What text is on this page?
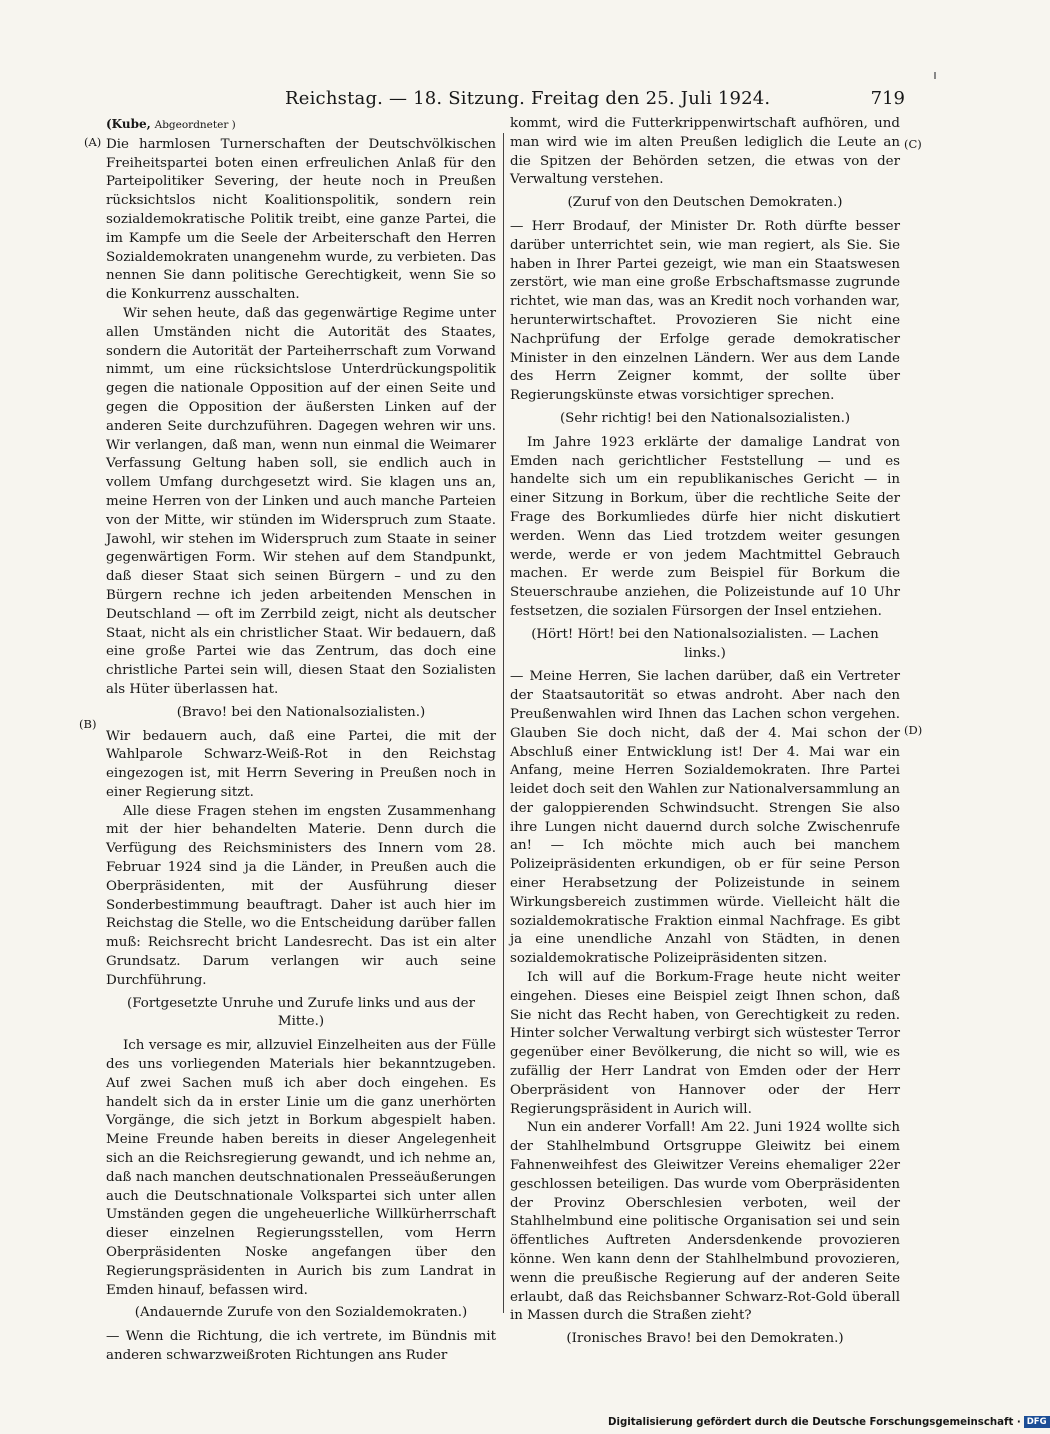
Reichstag. — 18. Sitzung. Freitag den 25. Juli 1924.	719
(A)
(B)
(C)
(D)

(Kube, Abgeordneter )

Die harmlosen Turnerschaften der Deutschvölkischen Freiheitspartei boten einen erfreulichen Anlaß für den Parteipolitiker Severing, der heute noch in Preußen rücksichtslos nicht Koalitionspolitik, sondern rein sozialdemokratische Politik treibt, eine ganze Partei, die im Kampfe um die Seele der Arbeiterschaft den Herren Sozialdemokraten unangenehm wurde, zu verbieten. Das nennen Sie dann politische Gerechtigkeit, wenn Sie so die Konkurrenz ausschalten.

Wir sehen heute, daß das gegenwärtige Regime unter allen Umständen nicht die Autorität des Staates, sondern die Autorität der Parteiherrschaft zum Vorwand nimmt, um eine rücksichtslose Unterdrückungspolitik gegen die nationale Opposition auf der einen Seite und gegen die Opposition der äußersten Linken auf der anderen Seite durchzuführen. Dagegen wehren wir uns. Wir verlangen, daß man, wenn nun einmal die Weimarer Verfassung Geltung haben soll, sie endlich auch in vollem Umfang durchgesetzt wird. Sie klagen uns an, meine Herren von der Linken und auch manche Parteien von der Mitte, wir stünden im Widerspruch zum Staate. Jawohl, wir stehen im Widerspruch zum Staate in seiner gegenwärtigen Form. Wir stehen auf dem Standpunkt, daß dieser Staat sich seinen Bürgern – und zu den Bürgern rechne ich jeden arbeitenden Menschen in Deutschland — oft im Zerrbild zeigt, nicht als deutscher Staat, nicht als ein christlicher Staat. Wir bedauern, daß eine große Partei wie das Zentrum, das doch eine christliche Partei sein will, diesen Staat den Sozialisten als Hüter überlassen hat.

(Bravo! bei den Nationalsozialisten.)

Wir bedauern auch, daß eine Partei, die mit der Wahlparole Schwarz-Weiß-Rot in den Reichstag eingezogen ist, mit Herrn Severing in Preußen noch in einer Regierung sitzt.

Alle diese Fragen stehen im engsten Zusammenhang mit der hier behandelten Materie. Denn durch die Verfügung des Reichsministers des Innern vom 28. Februar 1924 sind ja die Länder, in Preußen auch die Oberpräsidenten, mit der Ausführung dieser Sonderbestimmung beauftragt. Daher ist auch hier im Reichstag die Stelle, wo die Entscheidung darüber fallen muß: Reichsrecht bricht Landesrecht. Das ist ein alter Grundsatz. Darum verlangen wir auch seine Durchführung.

(Fortgesetzte Unruhe und Zurufe links und aus der Mitte.)

Ich versage es mir, allzuviel Einzelheiten aus der Fülle des uns vorliegenden Materials hier bekanntzugeben. Auf zwei Sachen muß ich aber doch eingehen. Es handelt sich da in erster Linie um die ganz unerhörten Vorgänge, die sich jetzt in Borkum abgespielt haben. Meine Freunde haben bereits in dieser Angelegenheit sich an die Reichsregierung gewandt, und ich nehme an, daß nach manchen deutschnationalen Presseäußerungen auch die Deutschnationale Volkspartei sich unter allen Umständen gegen die ungeheuerliche Willkürherrschaft dieser einzelnen Regierungsstellen, vom Herrn Oberpräsidenten Noske angefangen über den Regierungspräsidenten in Aurich bis zum Landrat in Emden hinauf, befassen wird.

(Andauernde Zurufe von den Sozialdemokraten.)

— Wenn die Richtung, die ich vertrete, im Bündnis mit anderen schwarzweißroten Richtungen ans Ruder

kommt, wird die Futterkrippenwirtschaft aufhören, und man wird wie im alten Preußen lediglich die Leute an die Spitzen der Behörden setzen, die etwas von der Verwaltung verstehen.

(Zuruf von den Deutschen Demokraten.)

— Herr Brodauf, der Minister Dr. Roth dürfte besser darüber unterrichtet sein, wie man regiert, als Sie. Sie haben in Ihrer Partei gezeigt, wie man ein Staatswesen zerstört, wie man eine große Erbschaftsmasse zugrunde richtet, wie man das, was an Kredit noch vorhanden war, herunterwirtschaftet. Provozieren Sie nicht eine Nachprüfung der Erfolge gerade demokratischer Minister in den einzelnen Ländern. Wer aus dem Lande des Herrn Zeigner kommt, der sollte über Regierungskünste etwas vorsichtiger sprechen.

(Sehr richtig! bei den Nationalsozialisten.)

Im Jahre 1923 erklärte der damalige Landrat von Emden nach gerichtlicher Feststellung — und es handelte sich um ein republikanisches Gericht — in einer Sitzung in Borkum, über die rechtliche Seite der Frage des Borkumliedes dürfe hier nicht diskutiert werden. Wenn das Lied trotzdem weiter gesungen werde, werde er von jedem Machtmittel Gebrauch machen. Er werde zum Beispiel für Borkum die Steuerschraube anziehen, die Polizeistunde auf 10 Uhr festsetzen, die sozialen Fürsorgen der Insel entziehen.

(Hört! Hört! bei den Nationalsozialisten. — Lachen links.)

— Meine Herren, Sie lachen darüber, daß ein Vertreter der Staatsautorität so etwas androht. Aber nach den Preußenwahlen wird Ihnen das Lachen schon vergehen. Glauben Sie doch nicht, daß der 4. Mai schon der Abschluß einer Entwicklung ist! Der 4. Mai war ein Anfang, meine Herren Sozialdemokraten. Ihre Partei leidet doch seit den Wahlen zur Nationalversammlung an der galoppierenden Schwindsucht. Strengen Sie also ihre Lungen nicht dauernd durch solche Zwischenrufe an! — Ich möchte mich auch bei manchem Polizeipräsidenten erkundigen, ob er für seine Person einer Herabsetzung der Polizeistunde in seinem Wirkungsbereich zustimmen würde. Vielleicht hält die sozialdemokratische Fraktion einmal Nachfrage. Es gibt ja eine unendliche Anzahl von Städten, in denen sozialdemokratische Polizeipräsidenten sitzen.

Ich will auf die Borkum-Frage heute nicht weiter eingehen. Dieses eine Beispiel zeigt Ihnen schon, daß Sie nicht das Recht haben, von Gerechtigkeit zu reden. Hinter solcher Verwaltung verbirgt sich wüstester Terror gegenüber einer Bevölkerung, die nicht so will, wie es zufällig der Herr Landrat von Emden oder der Herr Oberpräsident von Hannover oder der Herr Regierungspräsident in Aurich will.

Nun ein anderer Vorfall! Am 22. Juni 1924 wollte sich der Stahlhelmbund Ortsgruppe Gleiwitz bei einem Fahnenweihfest des Gleiwitzer Vereins ehemaliger 22er geschlossen beteiligen. Das wurde vom Oberpräsidenten der Provinz Oberschlesien verboten, weil der Stahlhelmbund eine politische Organisation sei und sein öffentliches Auftreten Andersdenkende provozieren könne. Wen kann denn der Stahlhelmbund provozieren, wenn die preußische Regierung auf der anderen Seite erlaubt, daß das Reichsbanner Schwarz-Rot-Gold überall in Massen durch die Straßen zieht?

(Ironisches Bravo! bei den Demokraten.)

Digitalisierung gefördert durch die Deutsche Forschungsgemeinschaft · DFG
